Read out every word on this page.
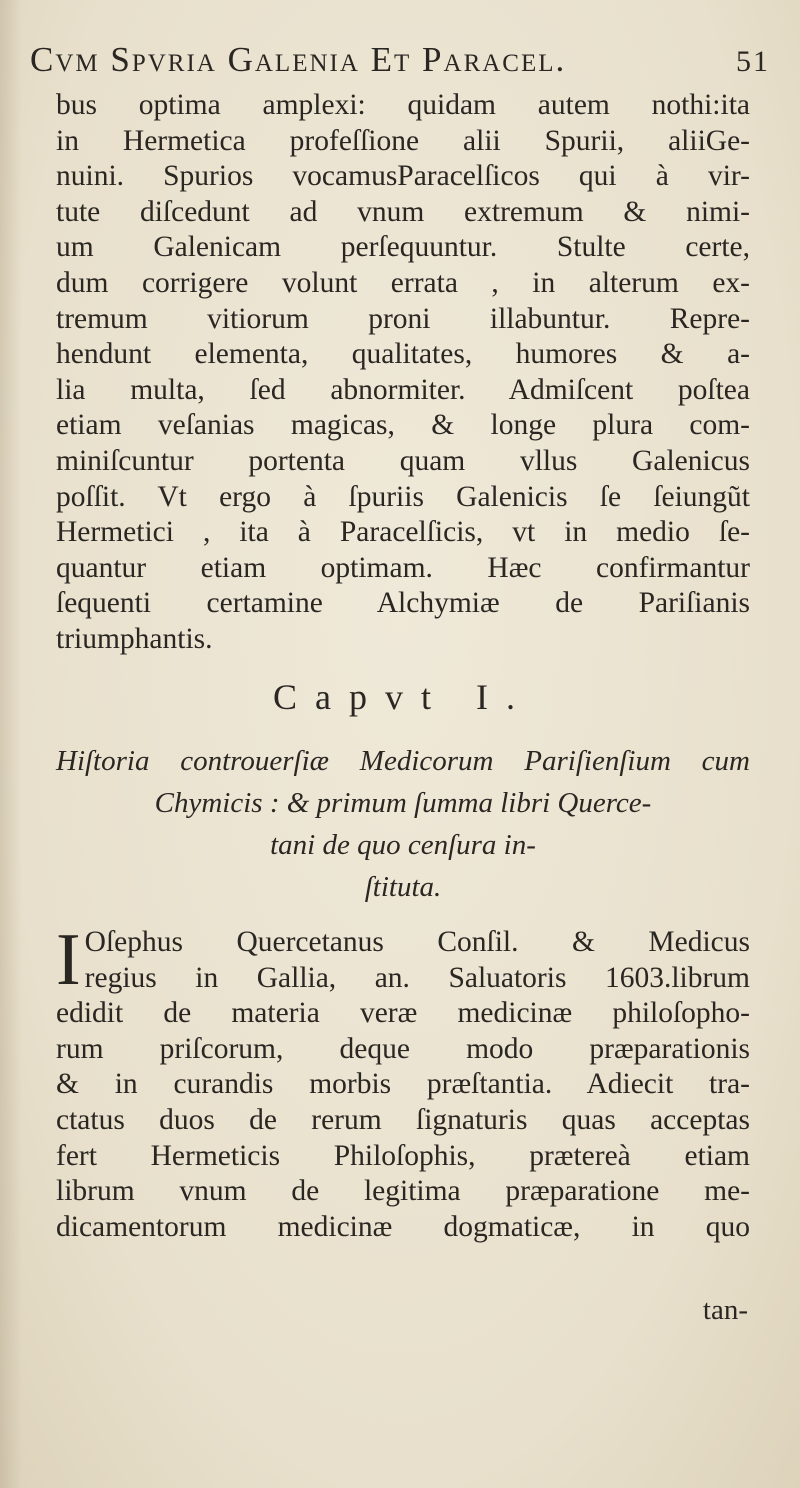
Cvm Spvria Galenia Et Paracel.	51
bus optima amplexi: quidam autem nothi:ita
in Hermetica profeſſione alii Spurii, aliiGe-
nuini. Spurios vocamusParacelſicos qui à vir-
tute diſcedunt ad vnum extremum & nimi-
um Galenicam perſequuntur. Stulte certe,
dum corrigere volunt errata , in alterum ex-
tremum vitiorum proni illabuntur. Repre-
hendunt elementa, qualitates, humores & a-
lia multa, ſed abnormiter. Admiſcent poſtea
etiam veſanias magicas, & longe plura com-
miniſcuntur portenta quam vllus Galenicus
poſſit. Vt ergo à ſpuriis Galenicis ſe ſeiungũt
Hermetici , ita à Paracelſicis, vt in medio ſe-
quantur etiam optimam. Hæc confirmantur
ſequenti certamine Alchymiæ de Pariſianis
triumphantis.
Capvt I.
Hiſtoria controuerſiæ Medicorum Pariſienſium cum
Chymicis : & primum ſumma libri Querce-
tani de quo cenſura in-
ſtituta.
I Oſephus Quercetanus Conſil. & Medicus
regius in Gallia, an. Saluatoris 1603.librum
edidit de materia veræ medicinæ philoſopho-
rum priſcorum, deque modo præparationis
& in curandis morbis præſtantia. Adiecit tra-
ctatus duos de rerum ſignaturis quas acceptas
fert Hermeticis Philoſophis, prætereà etiam
librum vnum de legitima præparatione me-
dicamentorum medicinæ dogmaticæ, in quo
tan-
